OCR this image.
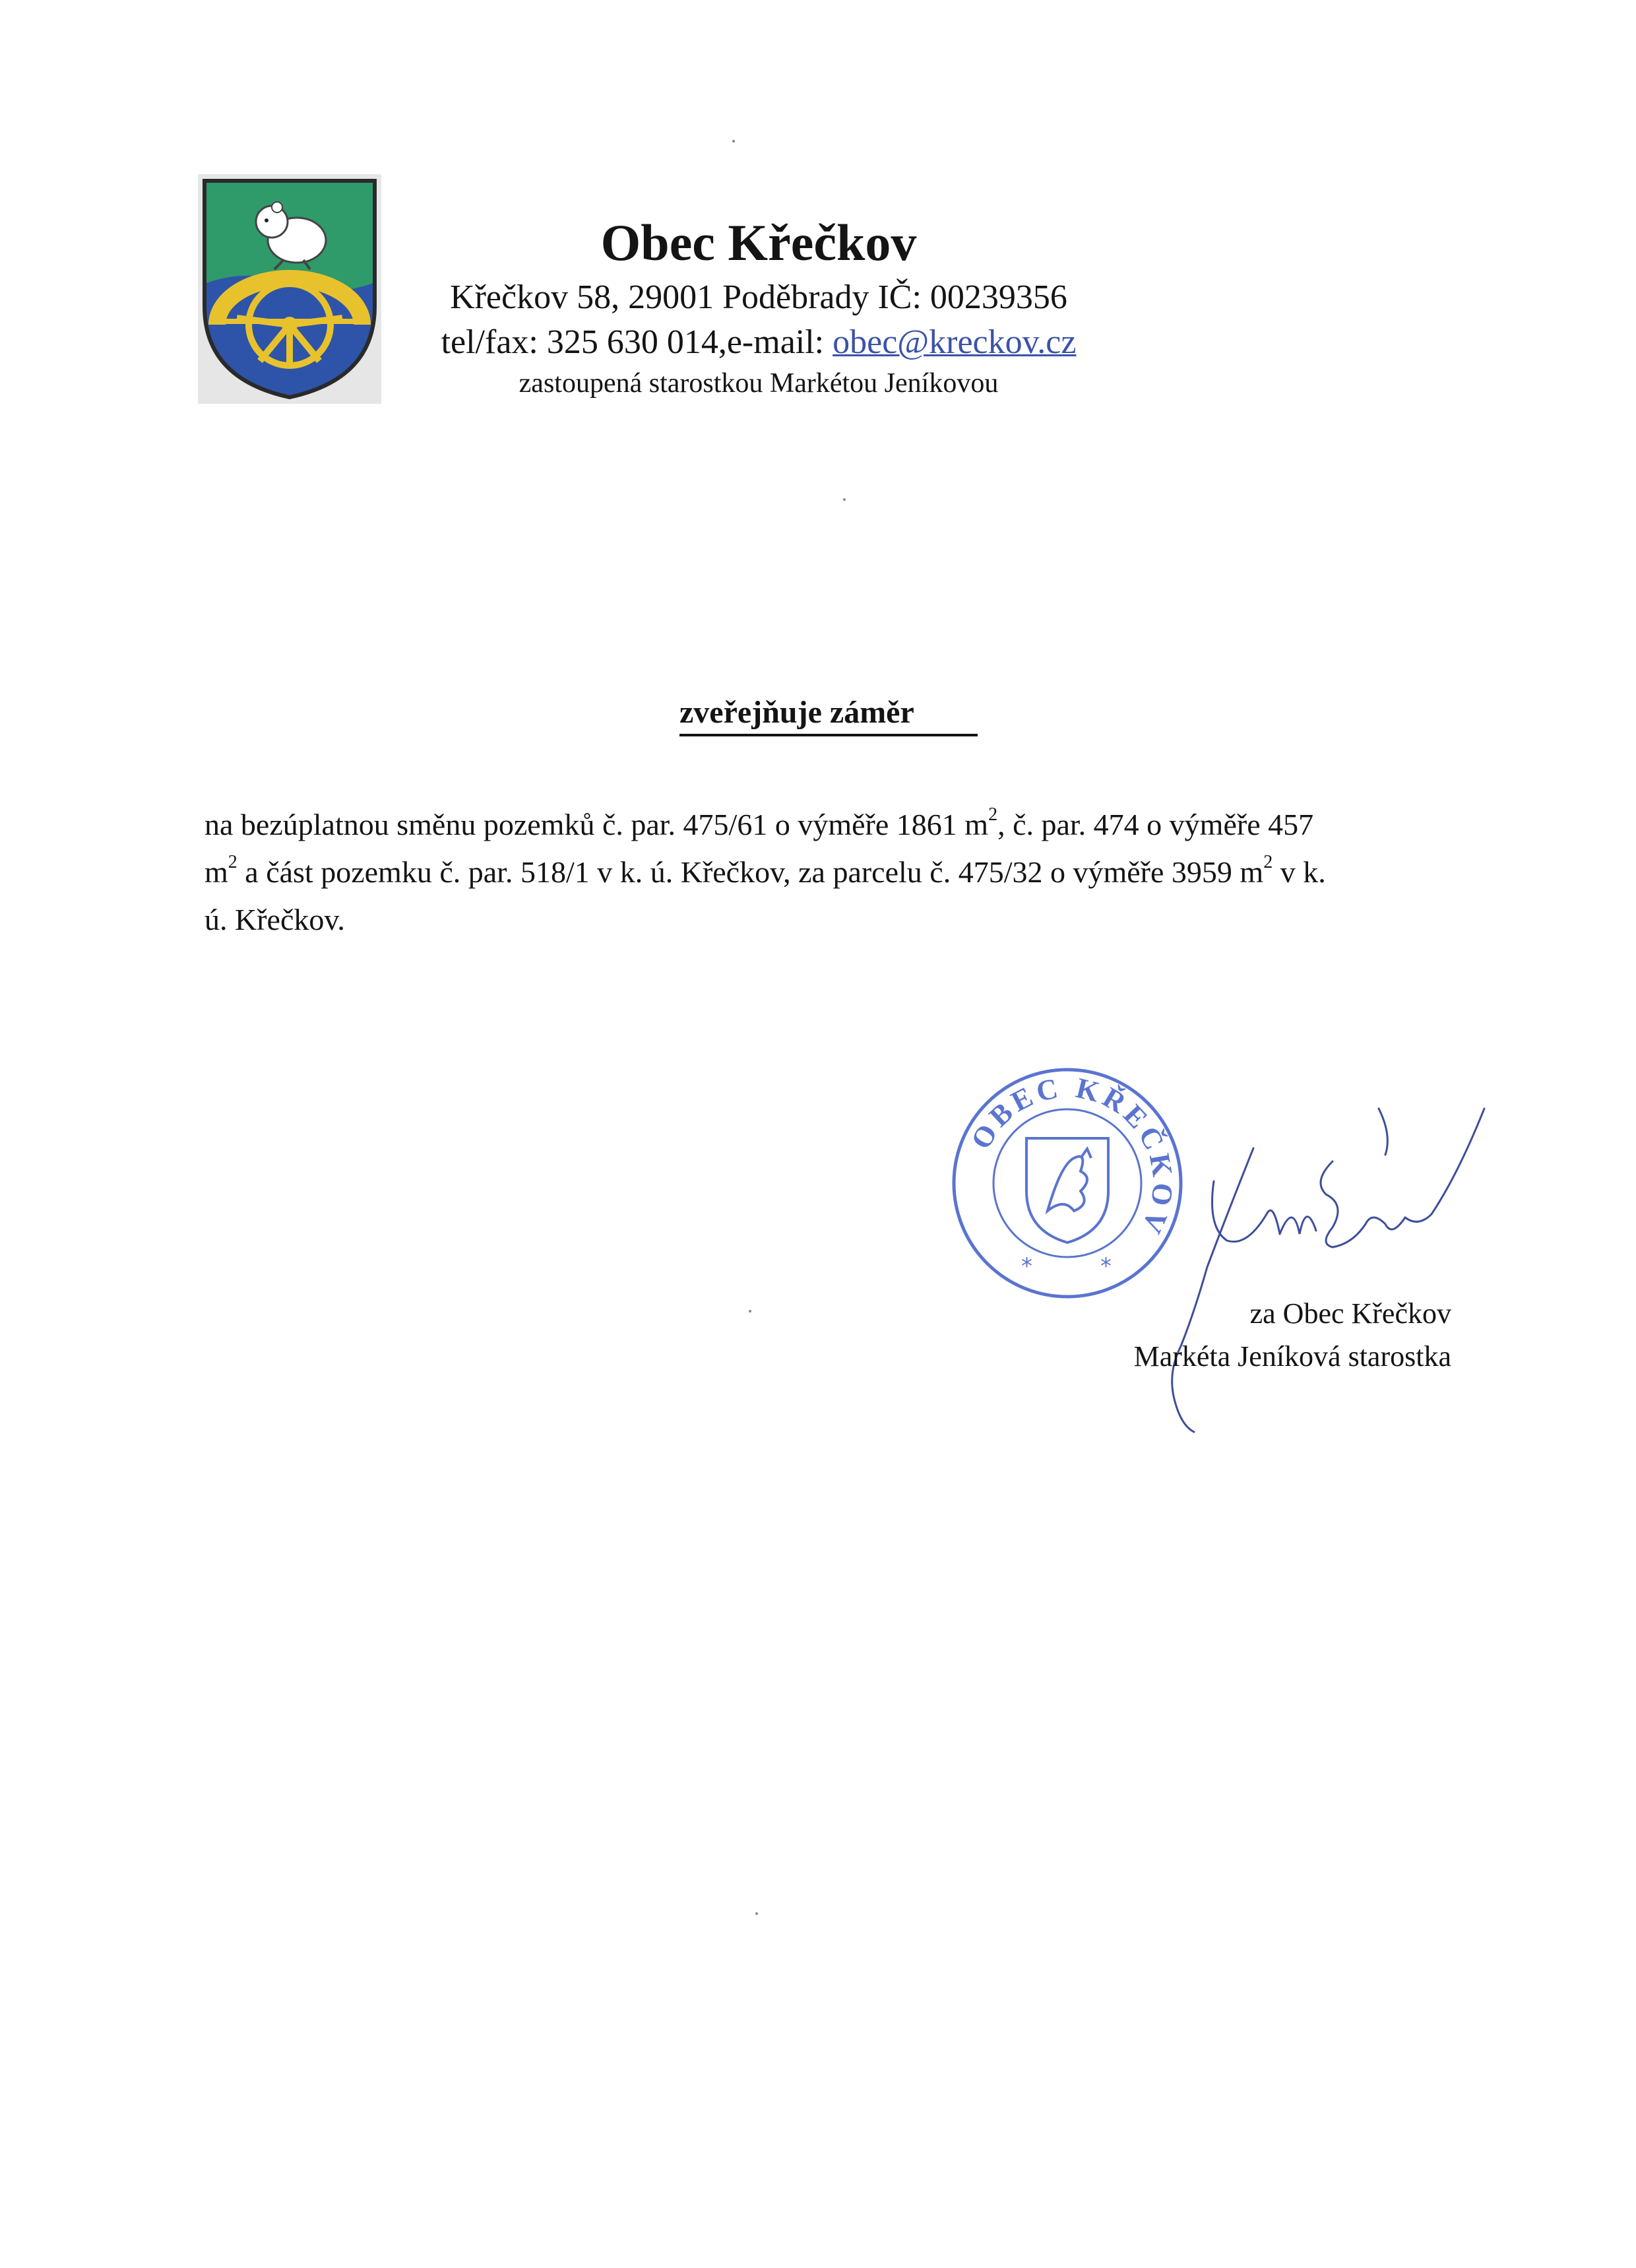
Obec Křečkov
Křečkov 58, 29001 Poděbrady IČ: 00239356
tel/fax: 325 630 014,e-mail: obec@kreckov.cz
zastoupená starostkou Markétou Jeníkovou
zveřejňuje záměr
na bezúplatnou směnu pozemků č. par. 475/61 o výměře 1861 $m^2$, č. par. 474 o výměře 457
$m^2$ a část pozemku č. par. 518/1 v k. ú. Křečkov, za parcelu č. 475/32 o výměře 3959 $m^2$ v k.
ú. Křečkov.
OBEC KŘEČKOV
*	*
za Obec Křečkov
Markéta Jeníková starostka
